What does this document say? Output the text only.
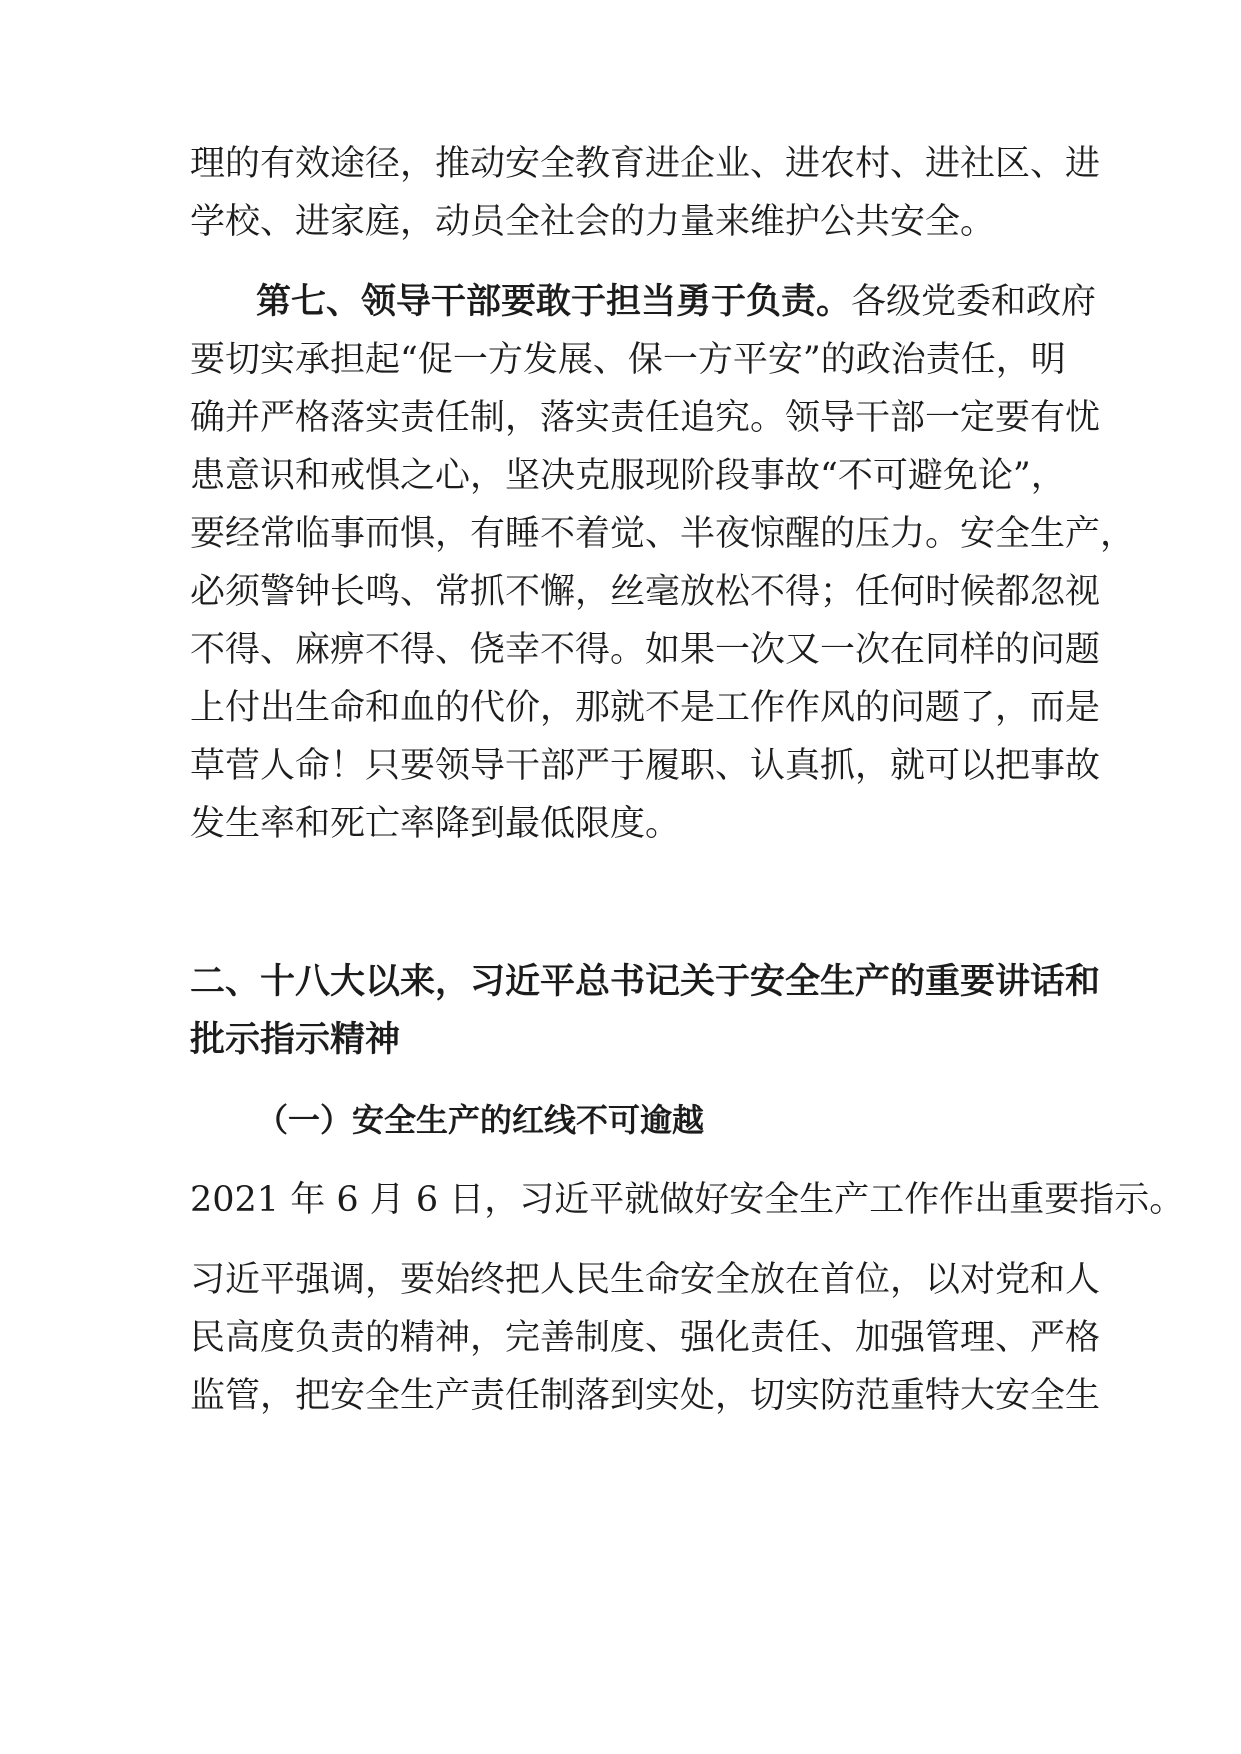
理的有效途径，推动安全教育进企业、进农村、进社区、进
学校、进家庭，动员全社会的力量来维护公共安全。
第七、领导干部要敢于担当勇于负责。各级党委和政府
要切实承担起“促一方发展、保一方平安”的政治责任，明
确并严格落实责任制，落实责任追究。领导干部一定要有忧
患意识和戒惧之心，坚决克服现阶段事故“不可避免论”，
要经常临事而惧，有睡不着觉、半夜惊醒的压力。安全生产，
必须警钟长鸣、常抓不懈，丝毫放松不得；任何时候都忽视
不得、麻痹不得、侥幸不得。如果一次又一次在同样的问题
上付出生命和血的代价，那就不是工作作风的问题了，而是
草菅人命！只要领导干部严于履职、认真抓，就可以把事故
发生率和死亡率降到最低限度。
二、十八大以来，习近平总书记关于安全生产的重要讲话和
批示指示精神
（一）安全生产的红线不可逾越
2021 年 6 月 6 日，习近平就做好安全生产工作作出重要指示。
习近平强调，要始终把人民生命安全放在首位，以对党和人
民高度负责的精神，完善制度、强化责任、加强管理、严格
监管，把安全生产责任制落到实处，切实防范重特大安全生
